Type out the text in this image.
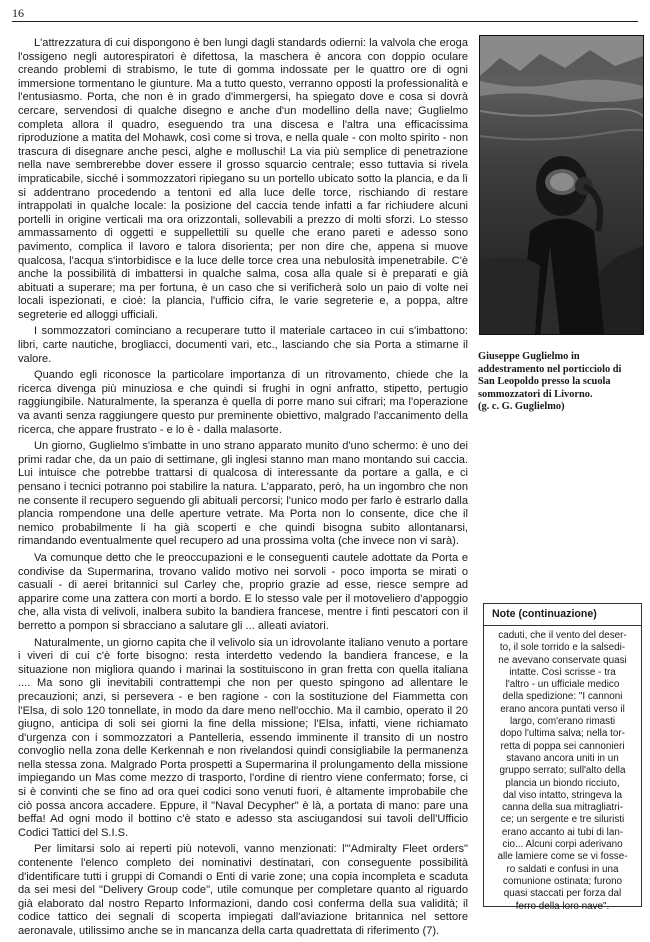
16

L'attrezzatura di cui dispongono è ben lungi dagli standards odierni: la valvola che eroga l'ossigeno negli autorespiratori è difettosa, la maschera è ancora con doppio oculare creando problemi di strabismo, le tute di gomma indossate per le quattro ore di ogni immersione tormentano le giunture. Ma a tutto questo, verranno opposti la professionalità e l'entusiasmo. Porta, che non è in grado d'immergersi, ha spiegato dove e cosa si dovrà cercare, servendosi di qualche disegno e anche d'un modellino della nave; Guglielmo completa allora il quadro, eseguendo tra una discesa e l'altra una efficacissima riproduzione a matita del Mohawk, così come si trova, e nella quale - con molto spirito - non trascura di disegnare anche pesci, alghe e molluschi! La via più semplice di penetrazione nella nave sembrerebbe dover essere il grosso squarcio centrale; esso tuttavia si rivela impraticabile, sicché i sommozzatori ripiegano su un portello ubicato sotto la plancia, e da lì si addentrano procedendo a tentoni ed alla luce delle torce, rischiando di restare intrappolati in qualche locale: la posizione del caccia tende infatti a far richiudere alcuni portelli in origine verticali ma ora orizzontali, sollevabili a prezzo di molti sforzi. Lo stesso ammassamento di oggetti e suppellettili su quelle che erano pareti e adesso sono pavimento, complica il lavoro e talora disorienta; per non dire che, appena si muove qualcosa, l'acqua s'intorbidisce e la luce delle torce crea una nebulosità impenetrabile. C'è anche la possibilità di imbattersi in qualche salma, cosa alla quale si è preparati e già abituati a superare; ma per fortuna, è un caso che si verificherà solo un paio di volte nei locali ispezionati, e cioè: la plancia, l'ufficio cifra, le varie segreterie e, a poppa, altre segreterie ed alloggi ufficiali.

I sommozzatori cominciano a recuperare tutto il materiale cartaceo in cui s'imbattono: libri, carte nautiche, brogliacci, documenti vari, etc., lasciando che sia Porta a stimarne il valore.

Quando egli riconosce la particolare importanza di un ritrovamento, chiede che la ricerca divenga più minuziosa e che quindi si frughi in ogni anfratto, stipetto, pertugio raggiungibile. Naturalmente, la speranza è quella di porre mano sui cifrari; ma l'operazione va avanti senza raggiungere questo pur preminente obiettivo, malgrado l'accanimento della ricerca, che appare frustrato - e lo è - dalla malasorte.

Un giorno, Guglielmo s'imbatte in uno strano apparato munito d'uno schermo: è uno dei primi radar che, da un paio di settimane, gli inglesi stanno man mano montando sui caccia. Lui intuisce che potrebbe trattarsi di qualcosa di interessante da portare a galla, e ci pensano i tecnici potranno poi stabilire la natura. L'apparato, però, ha un ingombro che non ne consente il recupero seguendo gli abituali percorsi; l'unico modo per farlo è estrarlo dalla plancia rompendone una delle aperture vetrate. Ma Porta non lo consente, dice che il nemico probabilmente li ha già scoperti e che quindi bisogna subito allontanarsi, rimandando eventualmente quel recupero ad una prossima volta (che invece non vi sarà).

Va comunque detto che le preoccupazioni e le conseguenti cautele adottate da Porta e condivise da Supermarina, trovano valido motivo nei sorvoli - poco importa se mirati o casuali - di aerei britannici sul Carley che, proprio grazie ad esse, riesce sempre ad apparire come una zattera con morti a bordo. E lo stesso vale per il motoveliero d'appoggio che, alla vista di velivoli, inalbera subito la bandiera francese, mentre i finti pescatori con il berretto a pompon si sbracciano a salutare gli ... alleati aviatori.

Naturalmente, un giorno capita che il velivolo sia un idrovolante italiano venuto a portare i viveri di cui c'è forte bisogno: resta interdetto vedendo la bandiera francese, e la situazione non migliora quando i marinai la sostituiscono in gran fretta con quella italiana .... Ma sono gli inevitabili contrattempi che non per questo spingono ad allentare le precauzioni; anzi, si persevera - e ben ragione - con la sostituzione del Fiammetta con l'Elsa, di solo 120 tonnellate, in modo da dare meno nell'occhio. Ma il cambio, operato il 20 giugno, anticipa di soli sei giorni la fine della missione; l'Elsa, infatti, viene richiamato d'urgenza con i sommozzatori a Pantelleria, essendo imminente il transito di un nostro convoglio nella zona delle Kerkennah e non rivelandosi quindi consigliabile la permanenza nella stessa zona. Malgrado Porta prospetti a Supermarina il prolungamento della missione impiegando un Mas come mezzo di trasporto, l'ordine di rientro viene confermato; forse, ci si è convinti che se fino ad ora quei codici sono venuti fuori, è altamente improbabile che ciò possa ancora accadere. Eppure, il "Naval Decypher" è là, a portata di mano: pare una beffa! Ad ogni modo il bottino c'è stato e adesso sta asciugandosi sui tavoli dell'Ufficio Codici Tattici del S.I.S.

Per limitarsi solo ai reperti più notevoli, vanno menzionati: l'"Admiralty Fleet orders" contenente l'elenco completo dei nominativi destinatari, con conseguente possibilità d'identificare tutti i gruppi di Comandi o Enti di varie zone; una copia incompleta e scaduta da sei mesi del "Delivery Group code", utile comunque per completare quanto al riguardo già elaborato dal nostro Reparto Informazioni, dando così conferma della sua validità; il codice tattico dei segnali di scoperta impiegati dall'aviazione britannica nel settore aeronavale, utilissimo anche se in mancanza della carta quadrettata di riferimento (7).

Giuseppe Guglielmo in
addestramento nel porticciolo di
San Leopoldo presso la scuola
sommozzatori di Livorno.
(g. c. G. Guglielmo)
Note (continuazione)
caduti, che il vento del deser-
to, il sole torrido e la salsedi-
ne avevano conservate quasi
intatte. Così scrisse - tra
l'altro - un ufficiale medico
della spedizione: "I cannoni
erano ancora puntati verso il
largo, com'erano rimasti
dopo l'ultima salva; nella tor-
retta di poppa sei cannonieri
stavano ancora uniti in un
gruppo serrato; sull'alto della
plancia un biondo ricciuto,
dal viso intatto, stringeva la
canna della sua mitragliatri-
ce; un sergente e tre siluristi
erano accanto ai tubi di lan-
cio... Alcuni corpi aderivano
alle lamiere come se vi fosse-
ro saldati e confusi in una
comunione ostinata; furono
quasi staccati per forza dal
ferro della loro nave".
